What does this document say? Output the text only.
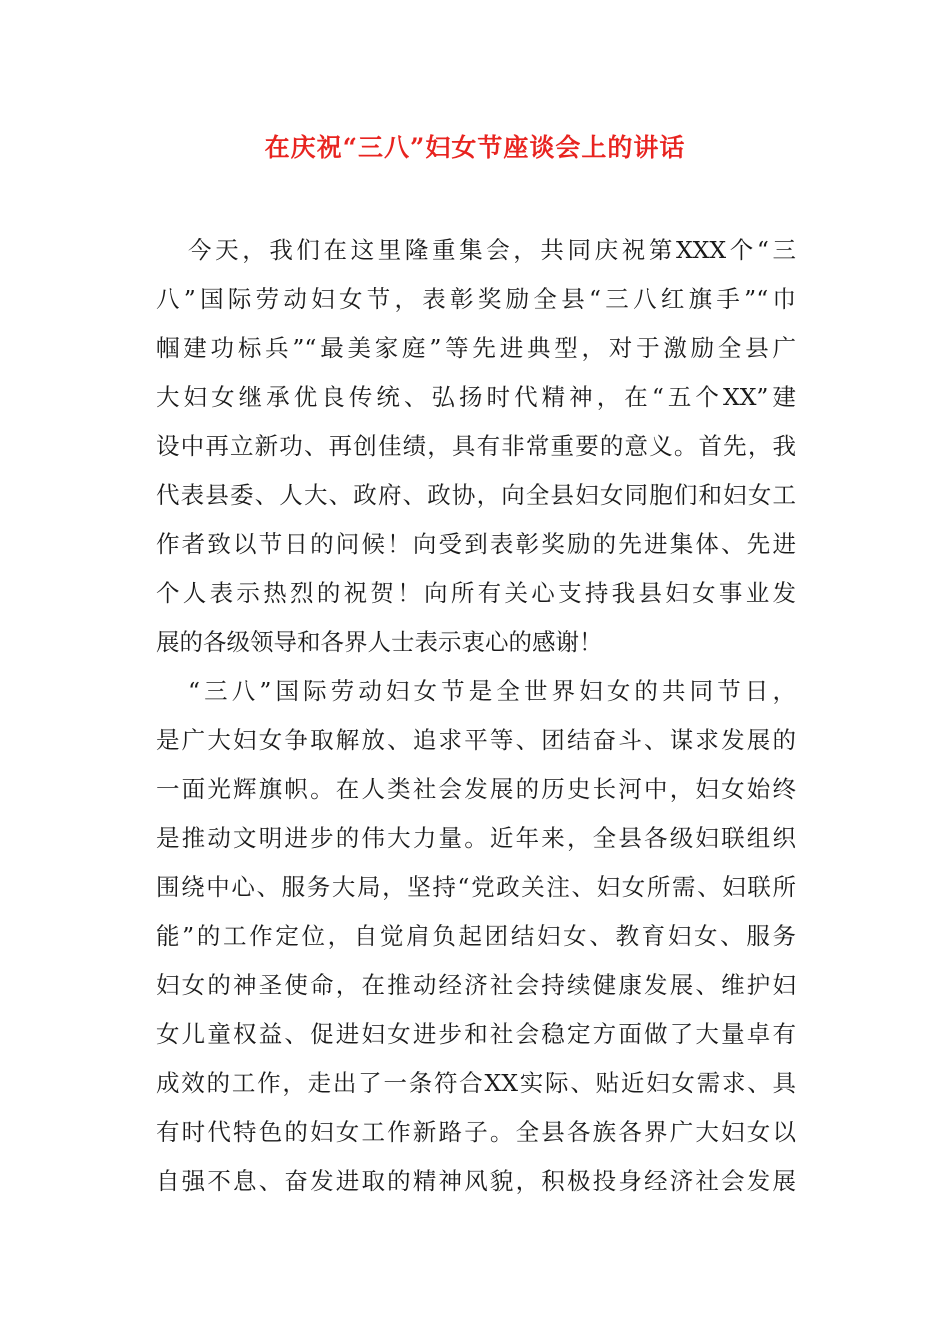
在庆祝“三八”妇女节座谈会上的讲话
今天，我们在这里隆重集会，共同庆祝第XXX个“三
八”国际劳动妇女节，表彰奖励全县“三八红旗手”“巾
帼建功标兵”“最美家庭”等先进典型，对于激励全县广
大妇女继承优良传统、弘扬时代精神，在“五个XX”建
设中再立新功、再创佳绩，具有非常重要的意义。首先，我
代表县委、人大、政府、政协，向全县妇女同胞们和妇女工
作者致以节日的问候！向受到表彰奖励的先进集体、先进
个人表示热烈的祝贺！向所有关心支持我县妇女事业发
展的各级领导和各界人士表示衷心的感谢！
“三八”国际劳动妇女节是全世界妇女的共同节日，
是广大妇女争取解放、追求平等、团结奋斗、谋求发展的
一面光辉旗帜。在人类社会发展的历史长河中，妇女始终
是推动文明进步的伟大力量。近年来，全县各级妇联组织
围绕中心、服务大局，坚持“党政关注、妇女所需、妇联所
能”的工作定位，自觉肩负起团结妇女、教育妇女、服务
妇女的神圣使命，在推动经济社会持续健康发展、维护妇
女儿童权益、促进妇女进步和社会稳定方面做了大量卓有
成效的工作，走出了一条符合XX实际、贴近妇女需求、具
有时代特色的妇女工作新路子。全县各族各界广大妇女以
自强不息、奋发进取的精神风貌，积极投身经济社会发展
